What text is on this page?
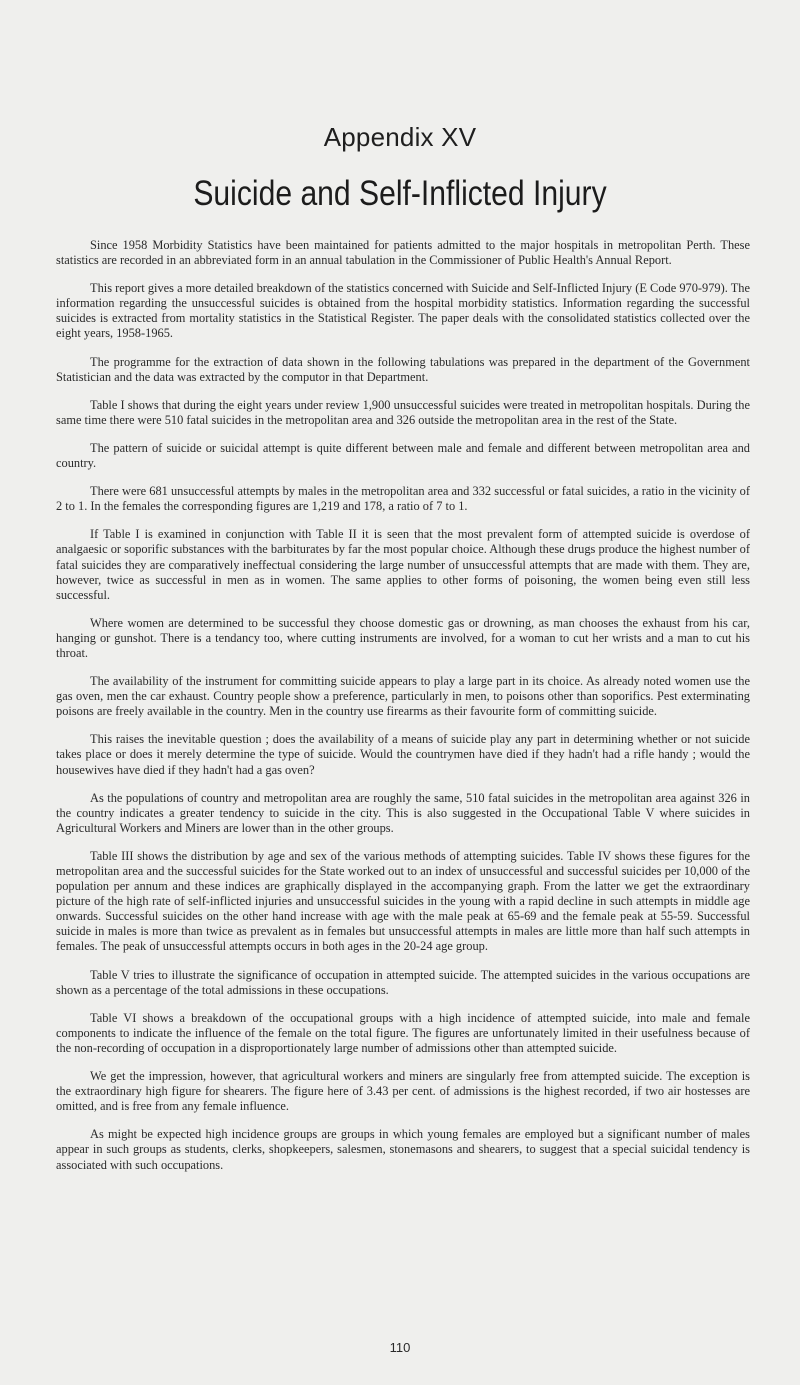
Appendix XV
Suicide and Self-Inflicted Injury

Since 1958 Morbidity Statistics have been maintained for patients admitted to the major hospitals in metropolitan Perth. These statistics are recorded in an abbreviated form in an annual tabulation in the Commissioner of Public Health's Annual Report.

This report gives a more detailed breakdown of the statistics concerned with Suicide and Self-Inflicted Injury (E Code 970-979). The information regarding the unsuccessful suicides is obtained from the hospital morbidity statistics. Information regarding the successful suicides is extracted from mortality statistics in the Statistical Register. The paper deals with the consolidated statistics collected over the eight years, 1958-1965.

The programme for the extraction of data shown in the following tabulations was prepared in the department of the Government Statistician and the data was extracted by the computor in that Department.

Table I shows that during the eight years under review 1,900 unsuccessful suicides were treated in metropolitan hospitals. During the same time there were 510 fatal suicides in the metropolitan area and 326 outside the metropolitan area in the rest of the State.

The pattern of suicide or suicidal attempt is quite different between male and female and different between metropolitan area and country.

There were 681 unsuccessful attempts by males in the metropolitan area and 332 successful or fatal suicides, a ratio in the vicinity of 2 to 1. In the females the corresponding figures are 1,219 and 178, a ratio of 7 to 1.

If Table I is examined in conjunction with Table II it is seen that the most prevalent form of attempted suicide is overdose of analgaesic or soporific substances with the barbiturates by far the most popular choice. Although these drugs produce the highest number of fatal suicides they are comparatively ineffectual considering the large number of unsuccessful attempts that are made with them. They are, however, twice as successful in men as in women. The same applies to other forms of poisoning, the women being even still less successful.

Where women are determined to be successful they choose domestic gas or drowning, as man chooses the exhaust from his car, hanging or gunshot. There is a tendancy too, where cutting instruments are involved, for a woman to cut her wrists and a man to cut his throat.

The availability of the instrument for committing suicide appears to play a large part in its choice. As already noted women use the gas oven, men the car exhaust. Country people show a preference, particularly in men, to poisons other than soporifics. Pest exterminating poisons are freely available in the country. Men in the country use firearms as their favourite form of committing suicide.

This raises the inevitable question ; does the availability of a means of suicide play any part in determining whether or not suicide takes place or does it merely determine the type of suicide. Would the countrymen have died if they hadn't had a rifle handy ; would the housewives have died if they hadn't had a gas oven?

As the populations of country and metropolitan area are roughly the same, 510 fatal suicides in the metropolitan area against 326 in the country indicates a greater tendency to suicide in the city. This is also suggested in the Occupational Table V where suicides in Agricultural Workers and Miners are lower than in the other groups.

Table III shows the distribution by age and sex of the various methods of attempting suicides. Table IV shows these figures for the metropolitan area and the successful suicides for the State worked out to an index of unsuccessful and successful suicides per 10,000 of the population per annum and these indices are graphically displayed in the accompanying graph. From the latter we get the extraordinary picture of the high rate of self-inflicted injuries and unsuccessful suicides in the young with a rapid decline in such attempts in middle age onwards. Successful suicides on the other hand increase with age with the male peak at 65-69 and the female peak at 55-59. Successful suicide in males is more than twice as prevalent as in females but unsuccessful attempts in males are little more than half such attempts in females. The peak of unsuccessful attempts occurs in both ages in the 20-24 age group.

Table V tries to illustrate the significance of occupation in attempted suicide. The attempted suicides in the various occupations are shown as a percentage of the total admissions in these occupations.

Table VI shows a breakdown of the occupational groups with a high incidence of attempted suicide, into male and female components to indicate the influence of the female on the total figure. The figures are unfortunately limited in their usefulness because of the non-recording of occupation in a disproportionately large number of admissions other than attempted suicide.

We get the impression, however, that agricultural workers and miners are singularly free from attempted suicide. The exception is the extraordinary high figure for shearers. The figure here of 3.43 per cent. of admissions is the highest recorded, if two air hostesses are omitted, and is free from any female influence.

As might be expected high incidence groups are groups in which young females are employed but a significant number of males appear in such groups as students, clerks, shopkeepers, salesmen, stonemasons and shearers, to suggest that a special suicidal tendency is associated with such occupations.

110
